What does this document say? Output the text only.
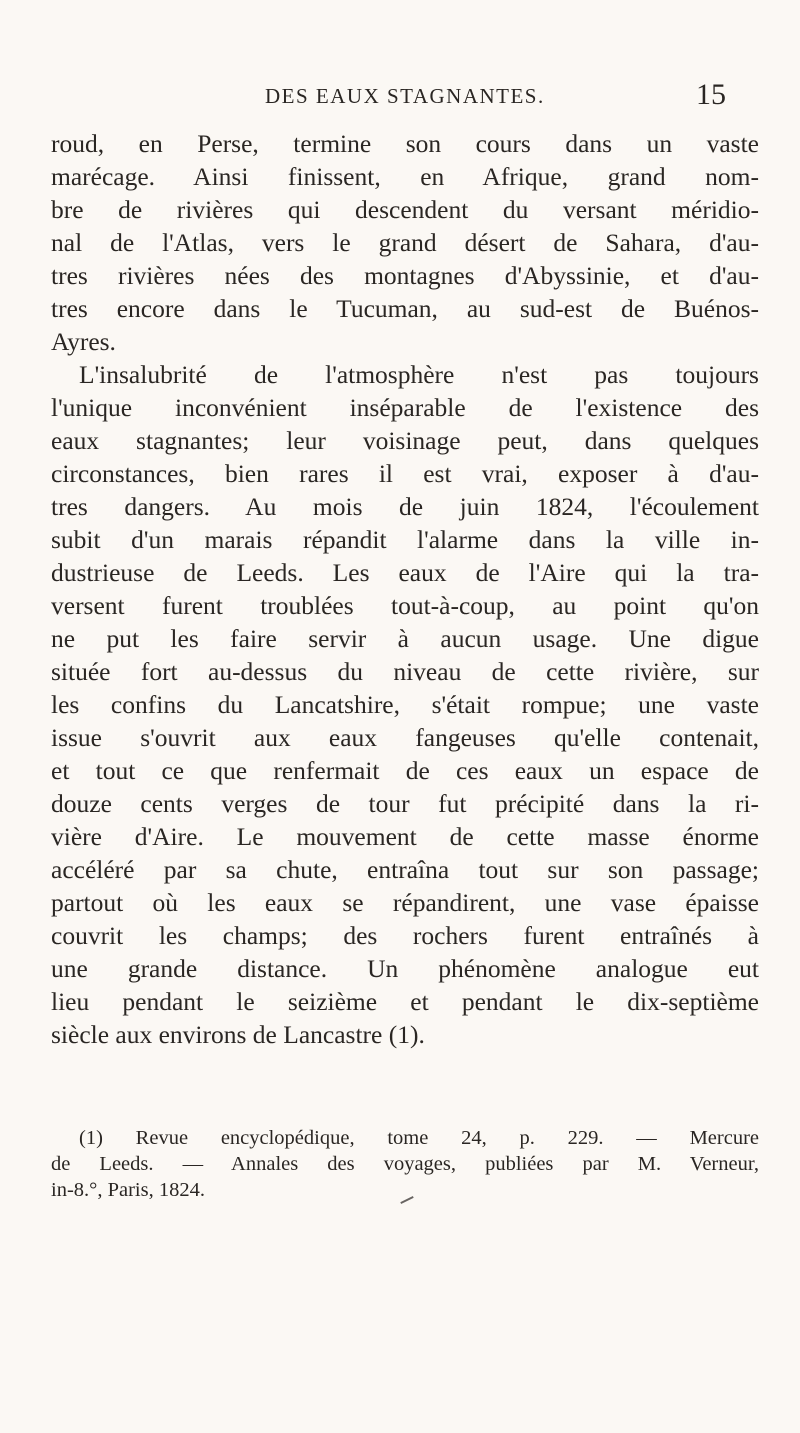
DES EAUX STAGNANTES.	15
roud, en Perse, termine son cours dans un vaste
marécage. Ainsi finissent, en Afrique, grand nom-
bre de rivières qui descendent du versant méridio-
nal de l'Atlas, vers le grand désert de Sahara, d'au-
tres rivières nées des montagnes d'Abyssinie, et d'au-
tres encore dans le Tucuman, au sud-est de Buénos-
Ayres.
L'insalubrité de l'atmosphère n'est pas toujours
l'unique inconvénient inséparable de l'existence des
eaux stagnantes; leur voisinage peut, dans quelques
circonstances, bien rares il est vrai, exposer à d'au-
tres dangers. Au mois de juin 1824, l'écoulement
subit d'un marais répandit l'alarme dans la ville in-
dustrieuse de Leeds. Les eaux de l'Aire qui la tra-
versent furent troublées tout-à-coup, au point qu'on
ne put les faire servir à aucun usage. Une digue
située fort au-dessus du niveau de cette rivière, sur
les confins du Lancatshire, s'était rompue; une vaste
issue s'ouvrit aux eaux fangeuses qu'elle contenait,
et tout ce que renfermait de ces eaux un espace de
douze cents verges de tour fut précipité dans la ri-
vière d'Aire. Le mouvement de cette masse énorme
accéléré par sa chute, entraîna tout sur son passage;
partout où les eaux se répandirent, une vase épaisse
couvrit les champs; des rochers furent entraînés à
une grande distance. Un phénomène analogue eut
lieu pendant le seizième et pendant le dix-septième
siècle aux environs de Lancastre (1).
(1) Revue encyclopédique, tome 24, p. 229. — Mercure
de Leeds. — Annales des voyages, publiées par M. Verneur,
in-8.°, Paris, 1824.
